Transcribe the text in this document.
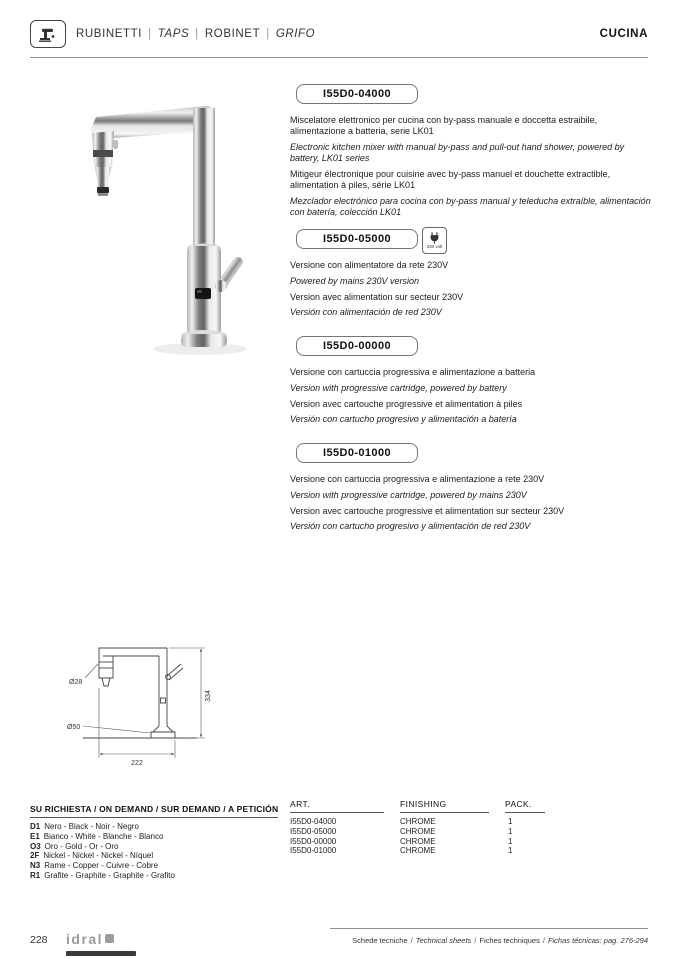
RUBINETTI | TAPS | ROBINET | GRIFO	CUCINA
I55D0-04000

Miscelatore elettronico per cucina con by-pass manuale e doccetta estraibile, alimentazione a batteria, serie LK01

Electronic kitchen mixer with manual by-pass and pull-out hand shower, powered by battery, LK01 series

Mitigeur électronique pour cuisine avec by-pass manuel et douchette extractible, alimentation à piles, série LK01

Mezclador electrónico para cocina con by-pass manual y teleducha extraíble, alimentación con batería, colección LK01

I55D0-05000
230 volt

Versione con alimentatore da rete 230V

Powered by mains 230V version

Version avec alimentation sur secteur 230V

Versión con alimentación de red 230V

I55D0-00000

Versione con cartuccia progressiva e alimentazione a batteria

Version with progressive cartridge, powered by battery

Version avec cartouche progressive et alimentation à piles

Versión con cartucho progresivo y alimentación a batería

I55D0-01000

Versione con cartuccia progressiva e alimentazione a rete 230V

Version with progressive cartridge, powered by mains 230V

Version avec cartouche progressive et alimentation sur secteur 230V

Versión con cartucho progresivo y alimentación de red 230V

334
222
Ø28
Ø50
SU RICHIESTA / ON DEMAND / SUR DEMAND / A PETICIÓN
D1 Nero - Black - Noir - Negro
E1 Bianco - White - Blanche - Blanco
O3 Oro - Gold - Or - Oro
2F Nickel - Nickel - Nickel - Níquel
N3 Rame - Copper - Cuivre - Cobre
R1 Grafite - Graphite - Graphite - Grafito
ART.	FINISHING	PACK.
I55D0-04000	CHROME	1
I55D0-05000	CHROME	1
I55D0-00000	CHROME	1
I55D0-01000	CHROME	1
228 idral	Schede tecniche / Technical sheets / Fiches techniques / Fichas técnicas: pag. 276-294
